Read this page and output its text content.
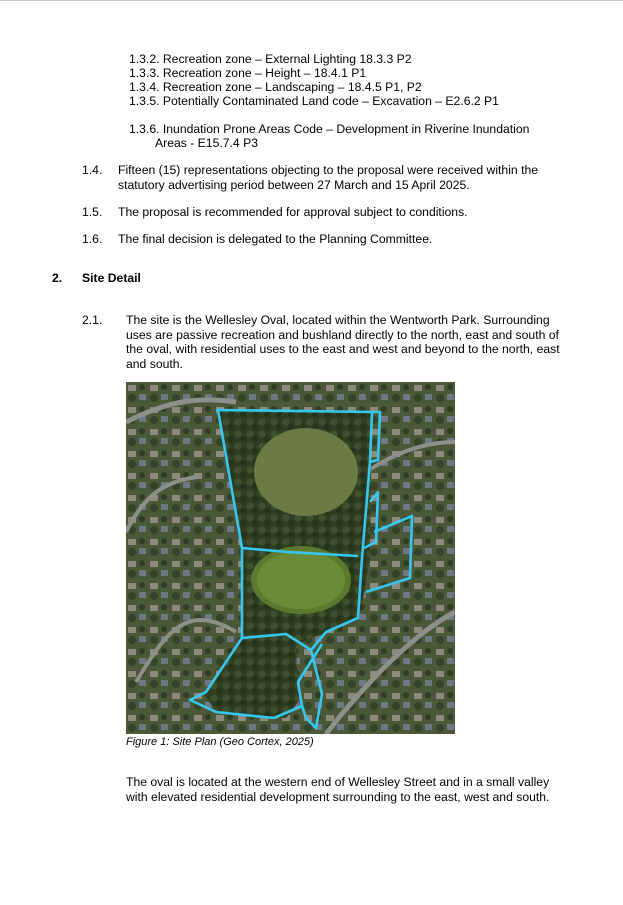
1.3.2. Recreation zone – External Lighting 18.3.3 P2
1.3.3. Recreation zone – Height – 18.4.1 P1
1.3.4. Recreation zone – Landscaping – 18.4.5 P1, P2
1.3.5. Potentially Contaminated Land code – Excavation – E2.6.2 P1
1.3.6. Inundation Prone Areas Code – Development in Riverine Inundation
Areas - E15.7.4 P3
1.4. Fifteen (15) representations objecting to the proposal were received within the statutory advertising period between 27 March and 15 April 2025.
1.5. The proposal is recommended for approval subject to conditions.
1.6. The final decision is delegated to the Planning Committee.
2. Site Detail
2.1. The site is the Wellesley Oval, located within the Wentworth Park. Surrounding uses are passive recreation and bushland directly to the north, east and south of the oval, with residential uses to the east and west and beyond to the north, east and south.
Figure 1: Site Plan (Geo Cortex, 2025)
The oval is located at the western end of Wellesley Street and in a small valley with elevated residential development surrounding to the east, west and south.
